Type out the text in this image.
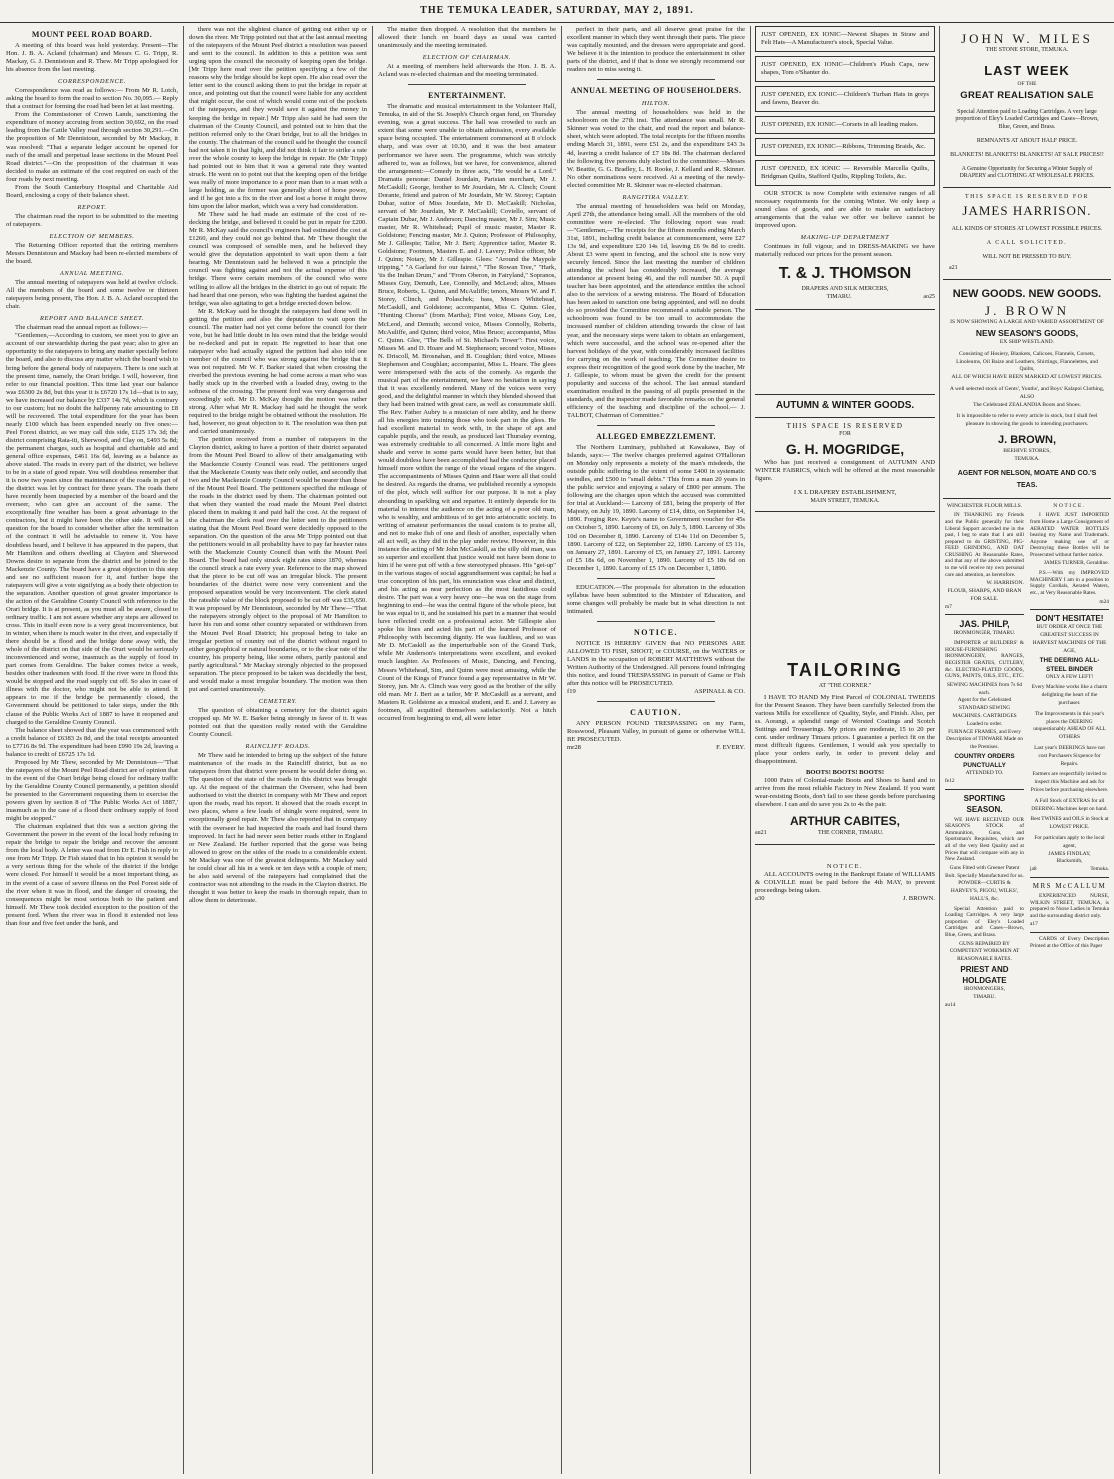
THE TEMUKA LEADER, SATURDAY, MAY 2, 1891.

MOUNT PEEL ROAD BOARD.

A meeting of this board was held yesterday. Present—The Hon. J. B. A. Acland (chairman) and Messrs C. G. Tripp, R. Mackay, G. J. Dennistoun and R. Thew. Mr Tripp apologised for his absence from the last meeting.

CORRESPONDENCE.

Correspondence was read as follows:— From Mr R. Lotch, asking the board to form the road to section No. 30,095.— Reply that a contract for forming the road had been let at last meeting.

From the Commissioner of Crown Lands, sanctioning the expenditure of money accruing from section 30,692, on the road leading from the Cattle Valley road through section 30,291.—On the proposition of Mr Dennistoun, seconded by Mr Mackay, it was resolved: "That a separate ledger account be opened for each of the small and perpetual lease sections in the Mount Peel Road district."—On the proposition of the chairman it was decided to make an estimate of the cost required on each of the four roads by next meeting.

From the South Canterbury Hospital and Charitable Aid Board, enclosing a copy of their balance sheet.

REPORT.

The chairman read the report to be submitted to the meeting of ratepayers.

ELECTION OF MEMBERS.

The Returning Officer reported that the retiring members Messrs Dennistoun and Mackay had been re-elected members of the board.

ANNUAL MEETING.

The annual meeting of ratepayers was held at twelve o'clock. All the members of the board and some twelve or thirteen ratepayers being present, The Hon. J. B. A. Acland occupied the chair.

REPORT AND BALANCE SHEET.

The chairman read the annual report as follows:—

"Gentlemen,—According to custom, we meet you to give an account of our stewardship during the past year; also to give an opportunity to the ratepayers to bring any matter specially before the board, and also to discuss any matter which the board wish to bring before the general body of ratepayers. There is one such at the present time, namely, the Orari bridge. I will, however, first refer to our financial position. This time last year our balance was £6300 2s 8d, but this year it is £6720 17s 1d—that is to say, we have increased our balance by £337 14s 7d, which is contrary to our custom; but no doubt the halfpenny rate amounting to £8 will be recovered. The total expenditure for the year has been nearly £100 which has been expended nearly on five ones:—Peel Forest district, as we may call this side, £125 17s 3d; the district comprising Rata-iti, Sherwood, and Clay on, £493 5s 8d; the permanent charges, such as hospital and charitable aid and general office expenses, £461 16s 6d, leaving as a balance as above stated. The roads in every part of the district, we believe to be in a state of good repair. You will doubtless remember that it is now two years since the maintenance of the roads in part of the district was let by contract for three years. The roads there have recently been inspected by a member of the board and the overseer, who can give an account of the same. The exceptionally fine weather has been a great advantage to the contractors, but it might have been the other side. It will be a question for the board to consider whether after the termination of the contract it will be advisable to renew it. You have doubtless heard, and I believe it has appeared in the papers, that Mr Hamilton and others dwelling at Clayton and Sherwood Downs desire to separate from the district and be joined to the Mackenzie County. The board have a great objection to this step and see no sufficient reason for it, and further hope the ratepayers will give a vote signifying as a body their objection to the separation. Another question of great greater importance is the action of the Geraldine County Council with reference to the Orari bridge. It is at present, as you must all be aware, closed to ordinary traffic. I am not aware whether any steps are allowed to cross. This in itself even now is a very great inconvenience, but in winter, when there is much water in the river, and especially if there should be a flood and the bridge done away with, the whole of the district on that side of the Orari would be seriously inconvenienced and worse, inasmuch as the supply of food in part comes from Geraldine. The baker comes twice a week, besides other tradesmen with food. If the river were in flood this would be stopped and the road supply cut off. So also in case of illness with the doctor, who might not be able to attend. It appears to me if the bridge be permanently closed, the Government should be petitioned to take steps, under the 8th clause of the Public Works Act of 1887 to have it reopened and charged to the Geraldine County Council.

The balance sheet showed that the year was commenced with a credit balance of £6383 2s 8d, and the total receipts amounted to £7716 8s 9d. The expenditure had been £990 19s 2d, leaving a balance to credit of £6725 17s 1d.

Proposed by Mr Thew, seconded by Mr Dennistoun—"That the ratepayers of the Mount Peel Road district are of opinion that in the event of the Orari bridge being closed for ordinary traffic by the Geraldine County Council permanently, a petition should be presented to the Government requesting them to exercise the powers given by section 8 of 'The Public Works Act of 1887,' inasmuch as in the case of a flood their ordinary supply of food might be stopped."

The chairman explained that this was a section giving the Government the power in the event of the local body refusing to repair the bridge to repair the bridge and recover the amount from the local body. A letter was read from Dr E. Fish in reply to one from Mr Tripp. Dr Fish stated that in his opinion it would be a very serious thing for the whole of the district if the bridge were closed. For himself it would be a most important thing, as in the event of a case of severe illness on the Peel Forest side of the river when it was in flood, and the danger of crossing, the consequences might be most serious both to the patient and himself. Mr Thew took decided exception to the position of the present ford. When the river was in flood it extended not less than four and five feet under the bank, and

there was not the slightest chance of getting out either up or down the river. Mr Tripp pointed out that at the last annual meeting of the ratepayers of the Mount Peel district a resolution was passed and sent to the council. In addition to this a petition was sent urging upon the council the necessity of keeping open the bridge. [Mr Tripp here read over the petition specifying a few of the reasons why the bridge should be kept open. He also read over the letter sent to the council asking them to put the bridge in repair at once, and pointing out that the council were liable for any accident that might occur, the cost of which would come out of the pockets of the ratepayers, and they would save it against the money in keeping the bridge in repair.] Mr Tripp also said he had seen the chairman of the County Council, and pointed out to him that the petition referred only to the Orari bridge, but to all the bridges in the county. The chairman of the council said he thought the council had not taken it in that light, and did not think it fair to strike a rate over the whole county to keep the bridge in repair. He (Mr Tripp) had pointed out to him that it was a general rate they wanted struck. He went on to point out that the keeping open of the bridge was really of more importance to a poor man than to a man with a large holding, as the former was generally short of horse power, and if he got into a fix in the river and lost a horse it might throw him upon the labor market, which was a very bad consideration.

Mr Thew said he had made an estimate of the cost of re-decking the bridge, and believed it could be put in repair for £200. Mr R. McKay said the council's engineers had estimated the cost at £1260, and they could not go behind that. Mr Thew thought the council was composed of sensible men, and he believed they would give the deputation appointed to wait upon them a fair hearing. Mr Dennistoun said he believed it was a principle the council was fighting against and not the actual expense of this bridge. There were certain members of the council who were willing to allow all the bridges in the district to go out of repair. He had heard that one person, who was fighting the hardest against the bridge, was also agitating to get a bridge erected down below.

Mr R. McKay said he thought the ratepayers had done well in getting the petition and also the deputation to wait upon the council. The matter had not yet come before the council for their vote, but he had little doubt in his own mind that the bridge would be re-decked and put in repair. He regretted to hear that one ratepayer who had actually signed the petition had also told one member of the council who was strong against the bridge that it was not required. Mr W. F. Barker stated that when crossing the riverbed the previous evening he had come across a man who was badly stuck up in the riverbed with a loaded dray, owing to the softness of the crossing. The present ford was very dangerous and exceedingly soft. Mr D. McKay thought the motion was rather strong. After what Mr R. Mackay had said he thought the work required to the bridge might be obtained without the resolution. He had, however, no great objection to it. The resolution was then put and carried unanimously.

The petition received from a number of ratepayers in the Clayton district, asking to have a portion of their district separated from the Mount Peel Board to allow of their amalgamating with the Mackenzie County Council was read. The petitioners urged that the Mackenzie County was their only outlet, and secondly that two and the Mackenzie County Council would be nearer than those of the Mount Peel Board. The petitioners specified the mileage of the roads in the district used by them. The chairman pointed out that when they wanted the road made the Mount Peel district placed them in making it and paid half the cost. At the request of the chairman the clerk read over the letter sent to the petitioners stating that the Mount Peel Board were decidedly opposed to the separation. On the question of the area Mr Tripp pointed out that the petitioners would in all probability have to pay far heavier rates with the Mackenzie County Council than with the Mount Peel Board. The board had only struck eight rates since 1870, whereas the council struck a rate every year. Reference to the map showed that the piece to be cut off was an irregular block. The present boundaries of the district were now very convenient and the proposed separation would be very inconvenient. The clerk stated the rateable value of the block proposed to be cut off was £35,650. It was proposed by Mr Dennistoun, seconded by Mr Thew—"That the ratepayers strongly object to the proposal of Mr Hamilton to have his run and some other country separated or withdrawn from the Mount Peel Road District; his proposal being to take an irregular portion of country out of the district without regard to either geographical or natural boundaries, or to the clear rate of the country, his property being, like some others, partly pastoral and partly agricultural." Mr Mackay strongly objected to the proposed separation. The piece proposed to be taken was decidedly the best, and would make a most irregular boundary. The motion was then put and carried unanimously.

CEMETERY.

The question of obtaining a cemetery for the district again cropped up. Mr W. E. Barker being strongly in favor of it. It was pointed out that the question really rested with the Geraldine County Council.

RAINCLIFF ROADS.

Mr Thew said he intended to bring up the subject of the future maintenance of the roads in the Raincliff district, but as no ratepayers from that district were present he would defer doing so. The question of the state of the roads in this district was brought up. At the request of the chairman the Overseer, who had been authorised to visit the district in company with Mr Thew and report upon the roads, read his report. It showed that the roads except in two places, where a few loads of shingle were required, were in exceptionally good repair. Mr Thew also reported that in company with the overseer he had inspected the roads and had found them improved. In fact he had never seen better roads either in England or New Zealand. He further reported that the gorse was being allowed to grow on the sides of the roads to a considerable extent. Mr Mackay was one of the greatest delinquents. Mr Mackay said he could clear all his in a week or ten days with a couple of men; he also said several of the ratepayers had complained that the contractor was not attending to the roads in the Clayton district. He thought it was better to keep the roads in thorough repair, than to allow them to deteriorate.

The matter then dropped. A resolution that the members be allowed their lunch on board days as usual was carried unanimously and the meeting terminated.

ELECTION OF CHAIRMAN.

At a meeting of members held afterwards the Hon. J. B. A. Acland was re-elected chairman and the meeting terminated.

ENTERTAINMENT.

The dramatic and musical entertainment in the Volunteer Hall, Temuka, in aid of the St. Joseph's Church organ fund, on Thursday evening, was a great success. The hall was crowded to such an extent that some were unable to obtain admission, every available space being occupied. The entertainment commenced at 8 o'clock sharp, and was over at 10.30, and it was the best amateur performance we have seen. The programme, which was strictly adhered to, was as follows, but we have, for convenience, altered the arrangement:—Comedy in three acts, "He would be a Lord." Dramatis personæ: Daniel Jourdain, Parisian merchant, Mr J. McCaskill; George, brother to Mr Jourdain, Mr A. Clinch; Count Dorante, friend and patron of Mr Jourdain, Mr W. Storey; Captain Dubar, suitor of Miss Jourdain, Mr D. McCaskill; Nicholas, servant of Mr Jourdain, Mr P. McCaskill; Coviello, servant of Captain Dubar, Mr J. Anderson; Dancing master, Mr J. Sim; Music master, Mr R. Whitehead; Pupil of music master, Master R. Goldstone; Fencing master, Mr J. Quinn; Professor of Philosophy, Mr J. Gillespie; Tailor, Mr J. Beri; Apprentice tailor, Master R. Goldstone; Footmen, Masters E. and J. Lavery; Police officer, Mr J. Quinn; Notary, Mr J. Gillespie. Glees: "Around the Maypole tripping," "A Garland for our fairest," "The Rowan Tree," "Hark, 'tis the Indian Drum," and "From Oberon, in Fairyland," Sopranos, Misses Guy, Demuth, Lee, Connolly, and McLeod; altos, Misses Bruce, Roberts, L. Quinn, and McAuliffe; tenors, Messrs W. and F. Storey, Clinch, and Polaschek; bass, Messrs Whitehead, McCaskill, and Goldstone; accompanist, Miss C. Quinn. Glee, "Hunting Chorus" (from Martha); First voice, Misses Guy, Lee, McLeod, and Demuth; second voice, Misses Connolly, Roberts, McAuliffe, and Quinn; third voice, Miss Bruce; accompanist, Miss C. Quinn. Glee, "The Bells of St. Michael's Tower": First voice, Misses M. and D. Hoare and M. Stephenson; second voice, Misses N. Driscoll, M. Brosnahan, and B. Coughlan; third voice, Misses Stephenson and Coughlan; accompanist, Miss L. Hoare. The glees were interspersed with the acts of the comedy. As regards the musical part of the entertainment, we have no hesitation in saying that it was excellently rendered. Many of the voices were very good, and the delightful manner in which they blended showed that they had been trained with great care, as well as consummate skill. The Rev. Father Aubry is a musician of rare ability, and he threw all his energies into training those who took part in the glees. He had excellent material to work with, in the shape of apt and capable pupils, and the result, as produced last Thursday evening, was extremely creditable to all concerned. A little more light and shade and verve in some parts would have been better, but that would doubtless have been accomplished had the conductor placed himself more within the range of the visual organs of the singers. The accompaniments of Misses Quinn and Haar were all that could be desired. As regards the drama, we published recently a synopsis of the plot, which will suffice for our purpose. It is not a play abounding in sparkling wit and repartee. It entirely depends for its material to interest the audience on the acting of a poor old man, who is wealthy, and ambitious of to get into aristocratic society. In writing of amateur performances the usual custom is to praise all, and not to make fish of one and flesh of another, especially when all act well, as they did in the play under review. However, in this instance the acting of Mr John McCaskill, as the silly old man, was so superior and excellent that justice would not have been done to him if he were put off with a few stereotyped phrases. His "get-up" in the various stages of social aggrandisement was capital; he had a true conception of his part, his enunciation was clear and distinct, and his acting as near perfection as the most fastidious could desire. The part was a very heavy one—he was on the stage from beginning to end—he was the central figure of the whole piece, but he was equal to it, and he sustained his part in a manner that would have reflected credit on a professional actor. Mr Gillespie also spoke his lines and acted his part of the learned Professor of Philosophy with becoming dignity. He was faultless, and so was Mr D. McCaskill as the imperturbable son of the Grand Turk, while Mr Anderson's interpretations were excellent, and evoked much laughter. As Professors of Music, Dancing, and Fencing, Messrs Whitehead, Sim, and Quinn were most amusing, while the Count of the Kings of France found a gay representative in Mr W. Storey, jun. Mr A. Clinch was very good as the brother of the silly old man. Mr J. Beri as a tailor, Mr P. McCaskill as a servant, and Masters R. Goldstone as a musical student, and E. and J. Lavery as footmen, all acquitted themselves satisfactorily. Not a hitch occurred from beginning to end, all were letter

perfect in their parts, and all deserve great praise for the excellent manner in which they went through their parts. The piece was capitally mounted, and the dresses were appropriate and good. We believe it is the intention to produce the entertainment in other parts of the district, and if that is done we strongly recommend our readers not to miss seeing it.

ANNUAL MEETING OF HOUSEHOLDERS.

HILTON.

The annual meeting of householders was held in the schoolroom on the 27th inst. The attendance was small. Mr R. Skinner was voted to the chair, and read the report and balance-sheet, which were adopted. The total receipts for the fifteen months ending March 31, 1891, were £51 2s, and the expenditure £43 3s 4d, leaving a credit balance of £7 18s 8d. The chairman declared the following five persons duly elected to the committee:—Messrs W. Beattie, G. G. Bradley, L. H. Rooke, J. Kelland and R. Skinner. No other nominations were received. At a meeting of the newly-elected committee Mr R. Skinner was re-elected chairman.

RANGITIRA VALLEY.

The annual meeting of householders was held on Monday, April 27th, the attendance being small. All the members of the old committee were re-elected. The following report was read:—"Gentlemen,—The receipts for the fifteen months ending March 31st, 1891, including credit balance at commencement, were £27 13s 9d, and expenditure £20 14s 1d, leaving £6 9s 8d to credit. About £3 were spent in fencing, and the school site is now very securely fenced. Since the last meeting the number of children attending the school has considerably increased, the average attendance at present being 46, and the roll number 50. A pupil teacher has been appointed, and the attendance entitles the school also to the services of a sewing mistress. The Board of Education has been asked to sanction one being appointed, and will no doubt do so provided the Committee recommend a suitable person. The schoolroom was found to be too small to accommodate the increased number of children attending towards the close of last year, and the necessary steps were taken to obtain an enlargement, which were successful, and the school was re-opened after the harvest holidays of the year, with considerably increased facilities for carrying on the work of teaching. The Committee desire to express their recognition of the good work done by the teacher, Mr J. Gillespie, to whom must be given the credit for the present popularity and success of the school. The last annual standard examination resulted in the passing of all pupils presented in the standards, and the inspector made favorable remarks on the general efficiency of the teaching and discipline of the school.— J. TALBOT, Chairman of Committee."

ALLEGED EMBEZZLEMENT.

The Northern Luminary, published at Kawakawa, Bay of Islands, says:— The twelve charges preferred against O'Halloran on Monday only represents a moiety of the man's misdeeds, the outside public suffering to the extent of some £400 in systematic swindles, and £500 in "small debts." This from a man 20 years in the public service and enjoying a salary of £800 per annum. The following are the charges upon which the accused was committed for trial at Auckland:— Larceny of £81, being the property of Her Majesty, on July 19, 1890. Larceny of £14, ditto, on September 14, 1890. Forging Rev. Keyte's name to Government voucher for 45s on October 5, 1890. Larceny of £6, on July 5, 1890. Larceny of 30s 10d on December 8, 1890. Larceny of £14s 11d on December 5, 1890. Larceny of £22, on September 22, 1890. Larceny of £5 11s, on January 27, 1891. Larceny of £5, on January 27, 1891. Larceny of £5 18s 6d, on November 1, 1890. Larceny of £5 18s 6d on December 1, 1890. Larceny of £5 17s on December 1, 1890.

EDUCATION.—The proposals for alteration in the education syllabus have been submitted to the Minister of Education, and some changes will probably be made but in what direction is not intimated.

NOTICE.

NOTICE IS HEREBY GIVEN that NO PERSONS ARE ALLOWED TO FISH, SHOOT, or COURSE, on the WATERS or LANDS in the occupation of ROBERT MATTHEWS without the Written Authority of the Undersigned. All persons found infringing this notice, and found TRESPASSING in pursuit of Game or Fish after this notice will be PROSECUTED.

f19	ASPINALL & CO.

CAUTION.

ANY PERSON FOUND TRESPASSING on my Farm, Rosswood, Pleasant Valley, in pursuit of game or otherwise WILL BE PROSECUTED.

mr28	F. EVERY.
JUST OPENED, EX IONIC—Newest Shapes in Straw and Felt Hats—A Manufacturer's stock, Special Value.
JUST OPENED, EX IONIC—Children's Plush Caps, new shapes, Tom o'Shanter do.
JUST OPENED, EX IONIC—Children's Turban Hats in greys and fawns, Beaver do.
JUST OPENED, EX IONIC—Corsets in all leading makes.
JUST OPENED, EX IONIC—Ribbons, Trimming Braids, &c.
JUST OPENED, EX IONIC — Reversible Marcella Quilts, Bridgman Quilts, Stafford Quilts, Rippling Toilets, &c.

OUR STOCK is now Complete with extensive ranges of all necessary requirements for the coming Winter. We only keep a sound class of goods, and are able to make an satisfactory arrangements that the value we offer we believe cannot be improved upon.

MAKING-UP DEPARTMENT

Continues in full vigour, and in DRESS-MAKING we have materially reduced our prices for the present season.

T. & J. THOMSON
DRAPERS AND SILK MERCERS,
TIMARU.	ao25
AUTUMN & WINTER GOODS.
THIS SPACE IS RESERVED
FOR
G. H. MOGRIDGE,

Who has just received a consignment of AUTUMN AND WINTER FABRICS, which will be offered at the most reasonable figure.

I X L DRAPERY ESTABLISHMENT,
MAIN STREET, TEMUKA.
TAILORING
AT "THE CORNER."

I HAVE TO HAND My First Parcel of COLONIAL TWEEDS for the Present Season. They have been carefully Selected from the various Mills for excellence of Quality, Style, and Finish. Also, per ss. Aorangi, a splendid range of Worsted Coatings and Scotch Suitings and Trouserings. My prices are moderate, 15 to 20 per cent. under ordinary Timaru prices. I guarantee a perfect fit on the most difficult figures. Gentlemen, I would ask you specially to place your orders early, in order to prevent delay and disappointment.

BOOTS! BOOTS! BOOTS!

1000 Pairs of Colonial-made Boots and Shoes to hand and to arrive from the most reliable Factory in New Zealand. If you want wear-resisting Boots, don't fail to see these goods before purchasing elsewhere. I can and do save you 2s to 4s the pair.

ARTHUR CABITES,
au21	THE CORNER, TIMARU.
NOTICE.

ALL ACCOUNTS owing in the Bankrupt Estate of WILLIAMS & COLVILLE must be paid before the 4th MAY, to prevent proceedings being taken.

a30	J. BROWN.
JOHN W. MILES
THE STONE STORE, TEMUKA.
LAST WEEK
OF THE
GREAT REALISATION SALE
Special Attention paid to Loading Cartridges. A very large proportion of Eley's Loaded Cartridges and Cases—Brown, Blue, Green, and Brass.
REMNANTS AT ABOUT HALF PRICE.
BLANKETS! BLANKETS! BLANKETS! AT SALE PRICES!!
A Genuine Opportunity for Securing a Winter Supply of DRAPERY and CLOTHING AT WHOLESALE PRICES.
THIS SPACE IS RESERVED FOR
JAMES HARRISON.
ALL KINDS OF STORES AT LOWEST POSSIBLE PRICES.
A CALL SOLICITED.
WILL NOT BE PRESSED TO BUY.
a21
NEW GOODS. NEW GOODS.
J. BROWN
IS NOW SHOWING A LARGE AND VARIED ASSORTMENT OF
NEW SEASON'S GOODS,
EX SHIP WESTLAND.
Consisting of Hosiery, Blankets, Calicoes, Flannels, Corsets, Linoleums, Oil Baize and Leathers, Shirtings, Flannelettes, and Quilts,
ALL OF WHICH HAVE BEEN MARKED AT LOWEST PRICES.
A well selected stock of Gents', Youths', and Boys' Kalapoi Clothing,
ALSO
The Celebrated ZEALANDIA Boots and Shoes.
It is impossible to refer to every article in stock, but I shall feel pleasure in showing the goods to intending purchasers.
J. BROWN,
BEEHIVE STORES,
TEMUKA.
AGENT FOR NELSON, MOATE AND CO.'S TEAS.
WINCHESTER FLOUR MILLS.

IN THANKING my Friends and the Public generally for their Liberal Support accorded me in the past, I beg to state that I am still prepared to do GRISTING, PIG-FEED GRINDING, AND OAT CRUSHING At Reasonable Rates, and that any of the above submitted to me will receive my own personal care and attention, as heretofore.

W. HARRISON.
FLOUR, SHARPS, AND BRAN FOR SALE.
m7
JAS. PHILP,
IRONMONGER, TIMARU.

IMPORTER of BUILDERS' & HOUSE-FURNISHING IRONMONGERY, RANGES, REGISTER GRATES, CUTLERY, &c. ELECTRO-PLATED GOODS, GUNS, PAINTS, OILS, ETC., ETC.

SEWING MACHINES from 7s 6d each.
Agent for the Celebrated STANDARD SEWING MACHINES. CARTRIDGES Loaded to order.
FURNACE FRAMES, and Every Description of TINWARE Made on the Premises.
COUNTRY ORDERS PUNCTUALLY
ATTENDED TO.
fe12
SPORTING SEASON.

WE HAVE RECEIVED OUR SEASON'S STOCK of Ammunition, Guns, and Sportsman's Requisites, which are all of the very Best Quality and at Prices that will compare with any in New Zealand.

Guns Fitted with Greener Patent Bolt. Specially Manufactured for us.
POWDER—CURTIS & HARVEY'S, PIGOU, WILKS', HALL'S, &c.

Special Attention paid to Loading Cartridges. A very large proportion of Eley's Loaded Cartridges and Cases—Brown, Blue, Green, and Brass.

GUNS REPAIRED BY COMPETENT WORKMEN AT REASONABLE RATES.
PRIEST AND HOLDGATE
IRONMONGERS,
TIMARU.
au14
NOTICE.

I HAVE JUST IMPORTED from Home a Large Consignment of AERATED WATER BOTTLES bearing my Name and Trademark. Anyone making use of or Destroying these Bottles will be Prosecuted without further notice.

JAMES TURNER, Geraldine.

P.S.—With my IMPROVED MACHINERY I am in a position to Supply Cordials, Aerated Waters, etc., at Very Reasonable Rates.

m24
DON'T HESITATE!
BUT ORDER AT ONCE THE GREATEST SUCCESS IN HARVEST MACHINES OF THE AGE,
THE DEERING ALL-STEEL BINDER
ONLY A FEW LEFT!
Every Machine works like a charm delighting the heart of the purchaser.
The Improvements in this year's places the DEERING unquestionably AHEAD OF ALL OTHERS
Last year's DEERINGS have not cost Purchasers Sixpence for Repairs.
Farmers are respectfully invited to inspect this Machine and ask for Prices before purchasing elsewhere.
A Full Stock of EXTRAS for all DEERING Machines kept on hand.
Best TWINES and OILS in Stock at LOWEST PRICE.
For particulars apply to the local agent,
JAMES FINDLAY,
Blacksmith,
ja8	Temuka.
MRS McCALLUM

EXPERIENCED NURSE, WILKIN STREET, TEMUKA, is prepared to Nurse Ladies in Temuka and the surrounding district only.

a17

CARDS of Every Description Printed at the Office of this Paper
